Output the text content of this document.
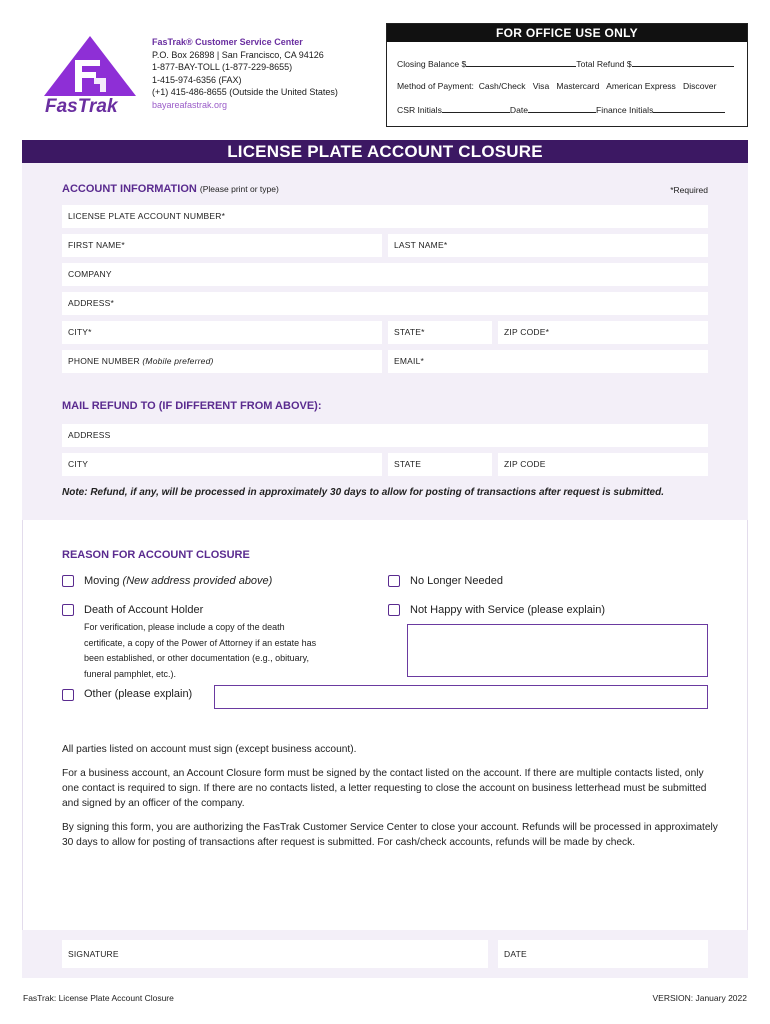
FasTrak
FasTrak® Customer Service Center
P.O. Box 26898 | San Francisco, CA 94126
1-877-BAY-TOLL (1-877-229-8655)
1-415-974-6356 (FAX)
(+1) 415-486-8655 (Outside the United States)
bayareafastrak.org
FOR OFFICE USE ONLY
Closing Balance $	Total Refund $
Method of Payment: Cash/Check Visa Mastercard American Express Discover
CSR Initials	Date	Finance Initials
LICENSE PLATE ACCOUNT CLOSURE
ACCOUNT INFORMATION (Please print or type)	*Required
LICENSE PLATE ACCOUNT NUMBER*
FIRST NAME*	LAST NAME*
COMPANY
ADDRESS*
CITY*	STATE*	ZIP CODE*
PHONE NUMBER (Mobile preferred)	EMAIL*
MAIL REFUND TO (IF DIFFERENT FROM ABOVE):
ADDRESS
CITY	STATE	ZIP CODE
Note: Refund, if any, will be processed in approximately 30 days to allow for posting of transactions after request is submitted.
REASON FOR ACCOUNT CLOSURE
Moving (New address provided above)	No Longer Needed
Death of Account Holder	Not Happy with Service (please explain)
For verification, please include a copy of the death
certificate, a copy of the Power of Attorney if an estate has
been established, or other documentation (e.g., obituary,
funeral pamphlet, etc.).
Other (please explain)
All parties listed on account must sign (except business account).
For a business account, an Account Closure form must be signed by the contact listed on the account. If there are multiple contacts listed, only one contact is required to sign. If there are no contacts listed, a letter requesting to close the account on business letterhead must be submitted and signed by an officer of the company.
By signing this form, you are authorizing the FasTrak Customer Service Center to close your account. Refunds will be processed in approximately 30 days to allow for posting of transactions after request is submitted. For cash/check accounts, refunds will be made by check.
SIGNATURE	DATE
FasTrak: License Plate Account Closure	VERSION: January 2022
